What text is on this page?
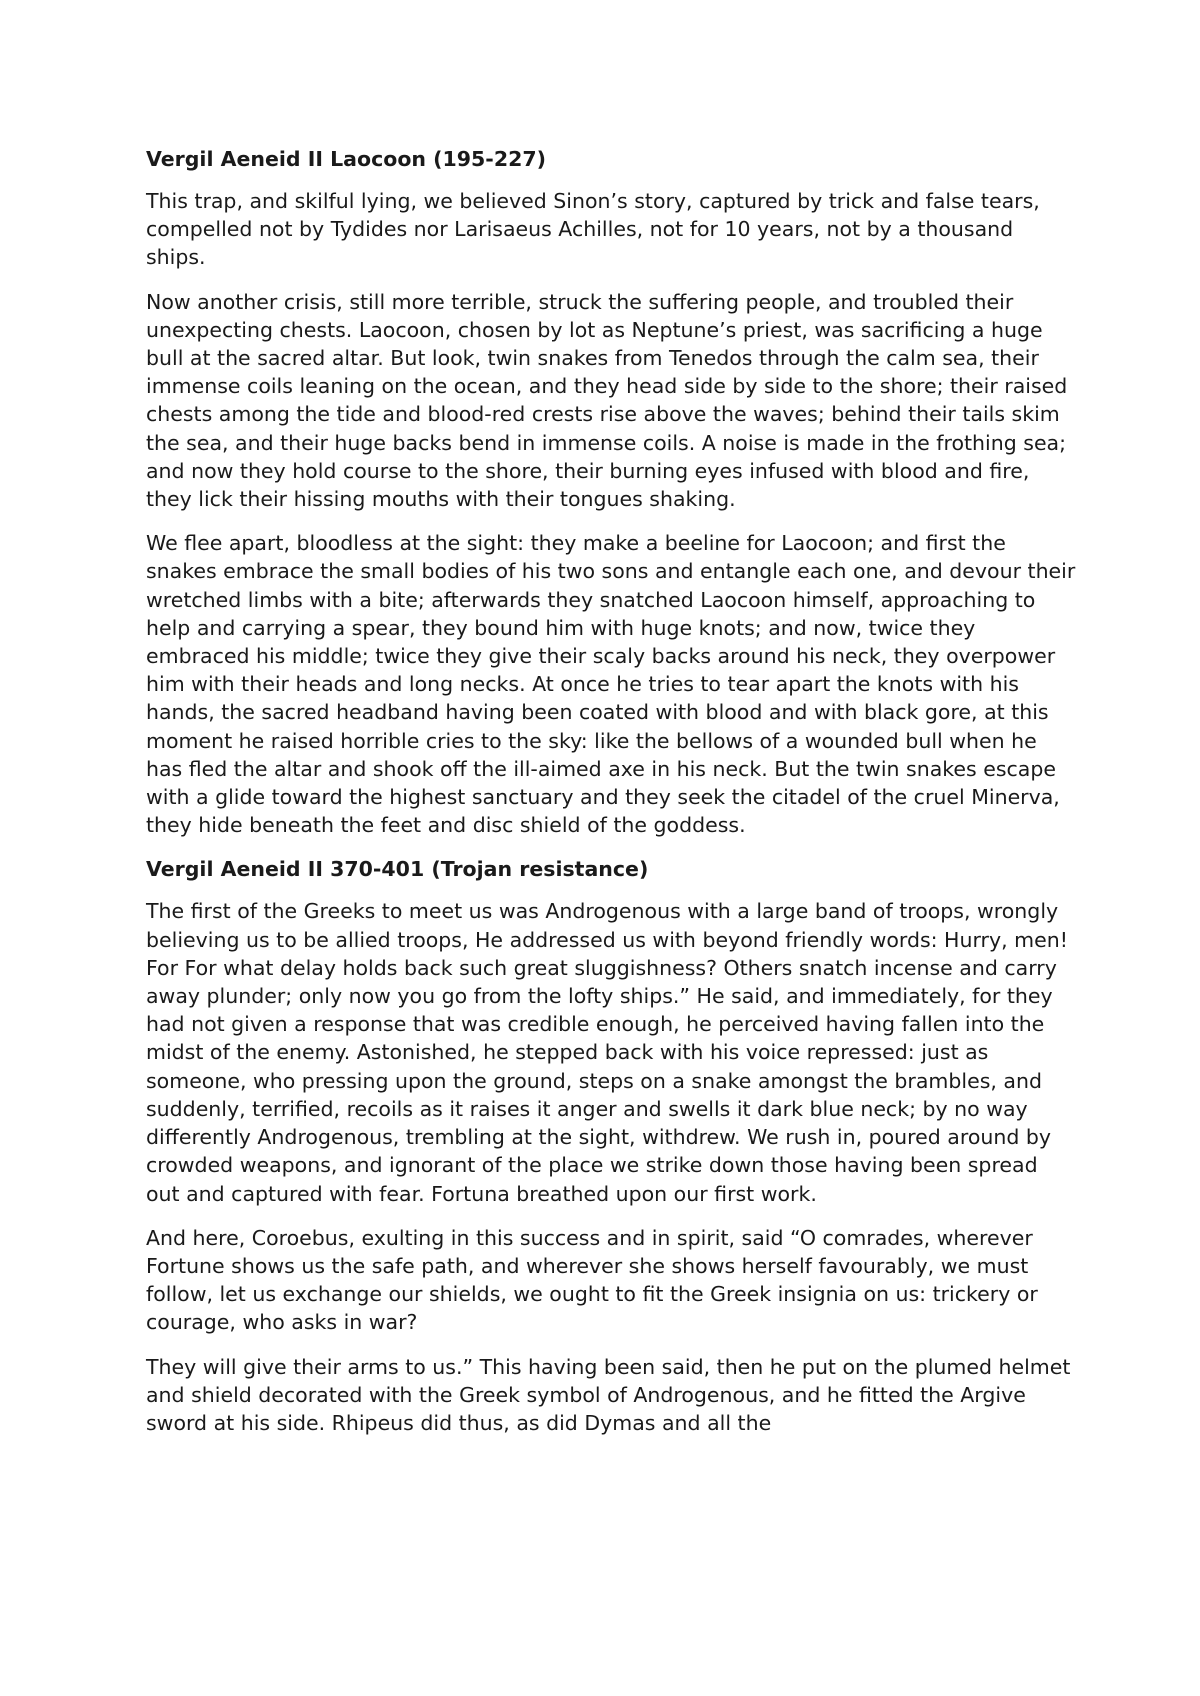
Vergil Aeneid II Laocoon (195-227)

This trap, and skilful lying, we believed Sinon’s story, captured by trick and false tears, compelled not by Tydides nor Larisaeus Achilles, not for 10 years, not by a thousand ships.

Now another crisis, still more terrible, struck the suffering people, and troubled their unexpecting chests. Laocoon, chosen by lot as Neptune’s priest, was sacrificing a huge bull at the sacred altar. But look, twin snakes from Tenedos through the calm sea, their immense coils leaning on the ocean, and they head side by side to the shore; their raised chests among the tide and blood-red crests rise above the waves; behind their tails skim the sea, and their huge backs bend in immense coils. A noise is made in the frothing sea; and now they hold course to the shore, their burning eyes infused with blood and fire, they lick their hissing mouths with their tongues shaking.

We flee apart, bloodless at the sight: they make a beeline for Laocoon; and first the snakes embrace the small bodies of his two sons and entangle each one, and devour their wretched limbs with a bite; afterwards they snatched Laocoon himself, approaching to help and carrying a spear, they bound him with huge knots; and now, twice they embraced his middle; twice they give their scaly backs around his neck, they overpower him with their heads and long necks. At once he tries to tear apart the knots with his hands, the sacred headband having been coated with blood and with black gore, at this moment he raised horrible cries to the sky: like the bellows of a wounded bull when he has fled the altar and shook off the ill-aimed axe in his neck. But the twin snakes escape with a glide toward the highest sanctuary and they seek the citadel of the cruel Minerva, they hide beneath the feet and disc shield of the goddess.

Vergil Aeneid II 370-401 (Trojan resistance)

The first of the Greeks to meet us was Androgenous with a large band of troops, wrongly believing us to be allied troops, He addressed us with beyond friendly words: Hurry, men! For For what delay holds back such great sluggishness? Others snatch incense and carry away plunder; only now you go from the lofty ships.” He said, and immediately, for they had not given a response that was credible enough, he perceived having fallen into the midst of the enemy. Astonished, he stepped back with his voice repressed: just as someone, who pressing upon the ground, steps on a snake amongst the brambles, and suddenly, terrified, recoils as it raises it anger and swells it dark blue neck; by no way differently Androgenous, trembling at the sight, withdrew. We rush in, poured around by crowded weapons, and ignorant of the place we strike down those having been spread out and captured with fear. Fortuna breathed upon our first work.

And here, Coroebus, exulting in this success and in spirit, said “O comrades, wherever Fortune shows us the safe path, and wherever she shows herself favourably, we must follow, let us exchange our shields, we ought to fit the Greek insignia on us: trickery or courage, who asks in war?

They will give their arms to us.” This having been said, then he put on the plumed helmet and shield decorated with the Greek symbol of Androgenous, and he fitted the Argive sword at his side. Rhipeus did thus, as did Dymas and all the
